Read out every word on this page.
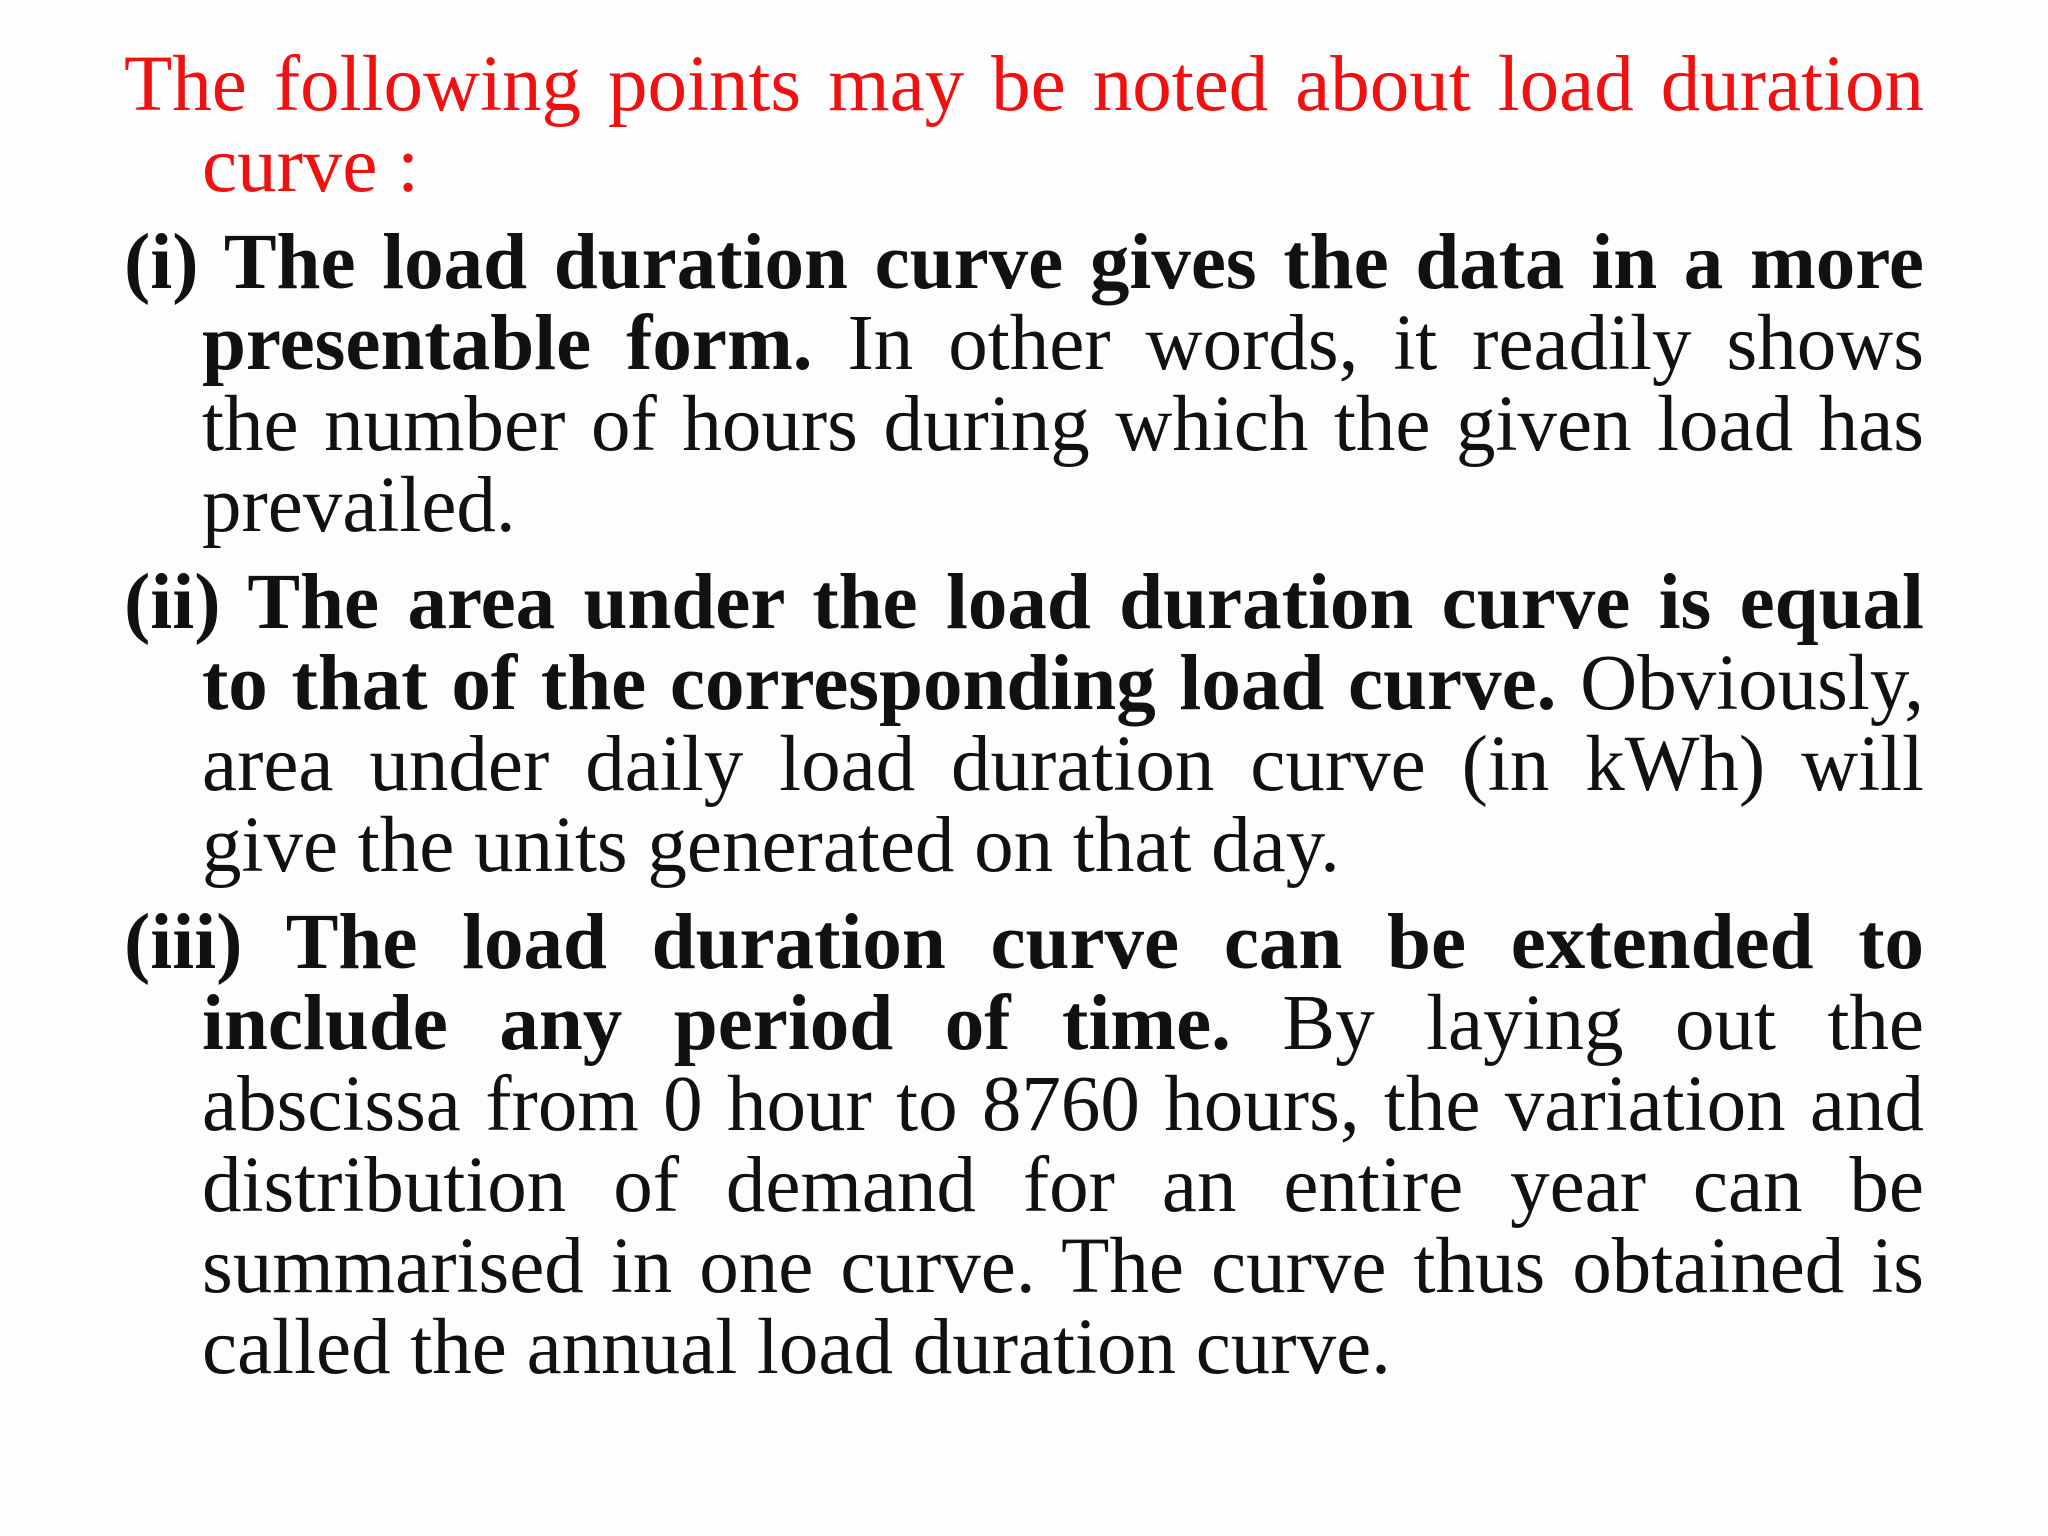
The following points may be noted about load duration curve :

(i) The load duration curve gives the data in a more presentable form. In other words, it readily shows the number of hours during which the given load has prevailed.

(ii) The area under the load duration curve is equal to that of the corresponding load curve. Obviously, area under daily load duration curve (in kWh) will give the units generated on that day.

(iii) The load duration curve can be extended to include any period of time. By laying out the abscissa from 0 hour to 8760 hours, the variation and distribution of demand for an entire year can be summarised in one curve. The curve thus obtained is called the annual load duration curve.
